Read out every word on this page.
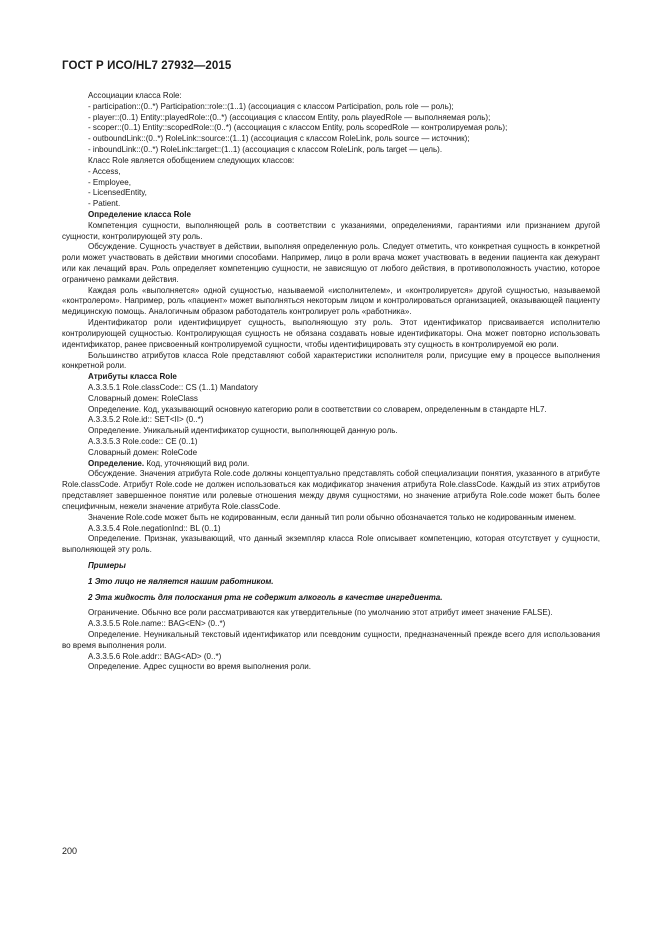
ГОСТ Р ИСО/HL7 27932—2015

Ассоциации класса Role:

- participation::(0..*) Participation::role::(1..1) (ассоциация с классом Participation, роль role — роль);

- player::(0..1) Entity::playedRole::(0..*) (ассоциация с классом Entity, роль playedRole — выполняемая роль);

- scoper::(0..1) Entity::scopedRole::(0..*) (ассоциация с классом Entity, роль scopedRole — контролируемая роль);

- outboundLink::(0..*) RoleLink::source::(1..1) (ассоциация с классом RoleLink, роль source — источник);

- inboundLink::(0..*) RoleLink::target::(1..1) (ассоциация с классом RoleLink, роль target — цель).

Класс Role является обобщением следующих классов:

- Access,

- Employee,

- LicensedEntity,

- Patient.

Определение класса Role

Компетенция сущности, выполняющей роль в соответствии с указаниями, определениями, гарантиями или признанием другой сущности, контролирующей эту роль.

Обсуждение. Сущность участвует в действии, выполняя определенную роль. Следует отметить, что конкретная сущность в конкретной роли может участвовать в действии многими способами. Например, лицо в роли врача может участвовать в ведении пациента как дежурант или как лечащий врач. Роль определяет компетенцию сущности, не зависящую от любого действия, в противоположность участию, которое ограничено рамками действия.

Каждая роль «выполняется» одной сущностью, называемой «исполнителем», и «контролируется» другой сущностью, называемой «контролером». Например, роль «пациент» может выполняться некоторым лицом и контролироваться организацией, оказывающей пациенту медицинскую помощь. Аналогичным образом работодатель контролирует роль «работника».

Идентификатор роли идентифицирует сущность, выполняющую эту роль. Этот идентификатор присваивается исполнителю контролирующей сущностью. Контролирующая сущность не обязана создавать новые идентификаторы. Она может повторно использовать идентификатор, ранее присвоенный контролируемой сущности, чтобы идентифицировать эту сущность в контролируемой ею роли.

Большинство атрибутов класса Role представляют собой характеристики исполнителя роли, присущие ему в процессе выполнения конкретной роли.

Атрибуты класса Role

A.3.3.5.1 Role.classCode:: CS (1..1) Mandatory

Словарный домен: RoleClass

Определение. Код, указывающий основную категорию роли в соответствии со словарем, определенным в стандарте HL7.

A.3.3.5.2 Role.id:: SET<II> (0..*)

Определение. Уникальный идентификатор сущности, выполняющей данную роль.

A.3.3.5.3 Role.code:: CE (0..1)

Словарный домен: RoleCode

Определение. Код, уточняющий вид роли.

Обсуждение. Значения атрибута Role.code должны концептуально представлять собой специализации понятия, указанного в атрибуте Role.classCode. Атрибут Role.code не должен использоваться как модификатор значения атрибута Role.classCode. Каждый из этих атрибутов представляет завершенное понятие или ролевые отношения между двумя сущностями, но значение атрибута Role.code может быть более специфичным, нежели значение атрибута Role.classCode.

Значение Role.code может быть не кодированным, если данный тип роли обычно обозначается только не кодированным именем.

A.3.3.5.4 Role.negationInd:: BL (0..1)

Определение. Признак, указывающий, что данный экземпляр класса Role описывает компетенцию, которая отсутствует у сущности, выполняющей эту роль.

Примеры

1 Это лицо не является нашим работником.

2 Эта жидкость для полоскания рта не содержит алкоголь в качестве ингредиента.

Ограничение. Обычно все роли рассматриваются как утвердительные (по умолчанию этот атрибут имеет значение FALSE).

A.3.3.5.5 Role.name:: BAG<EN> (0..*)

Определение. Неуникальный текстовый идентификатор или псевдоним сущности, предназначенный прежде всего для использования во время выполнения роли.

A.3.3.5.6 Role.addr:: BAG<AD> (0..*)

Определение. Адрес сущности во время выполнения роли.

200
